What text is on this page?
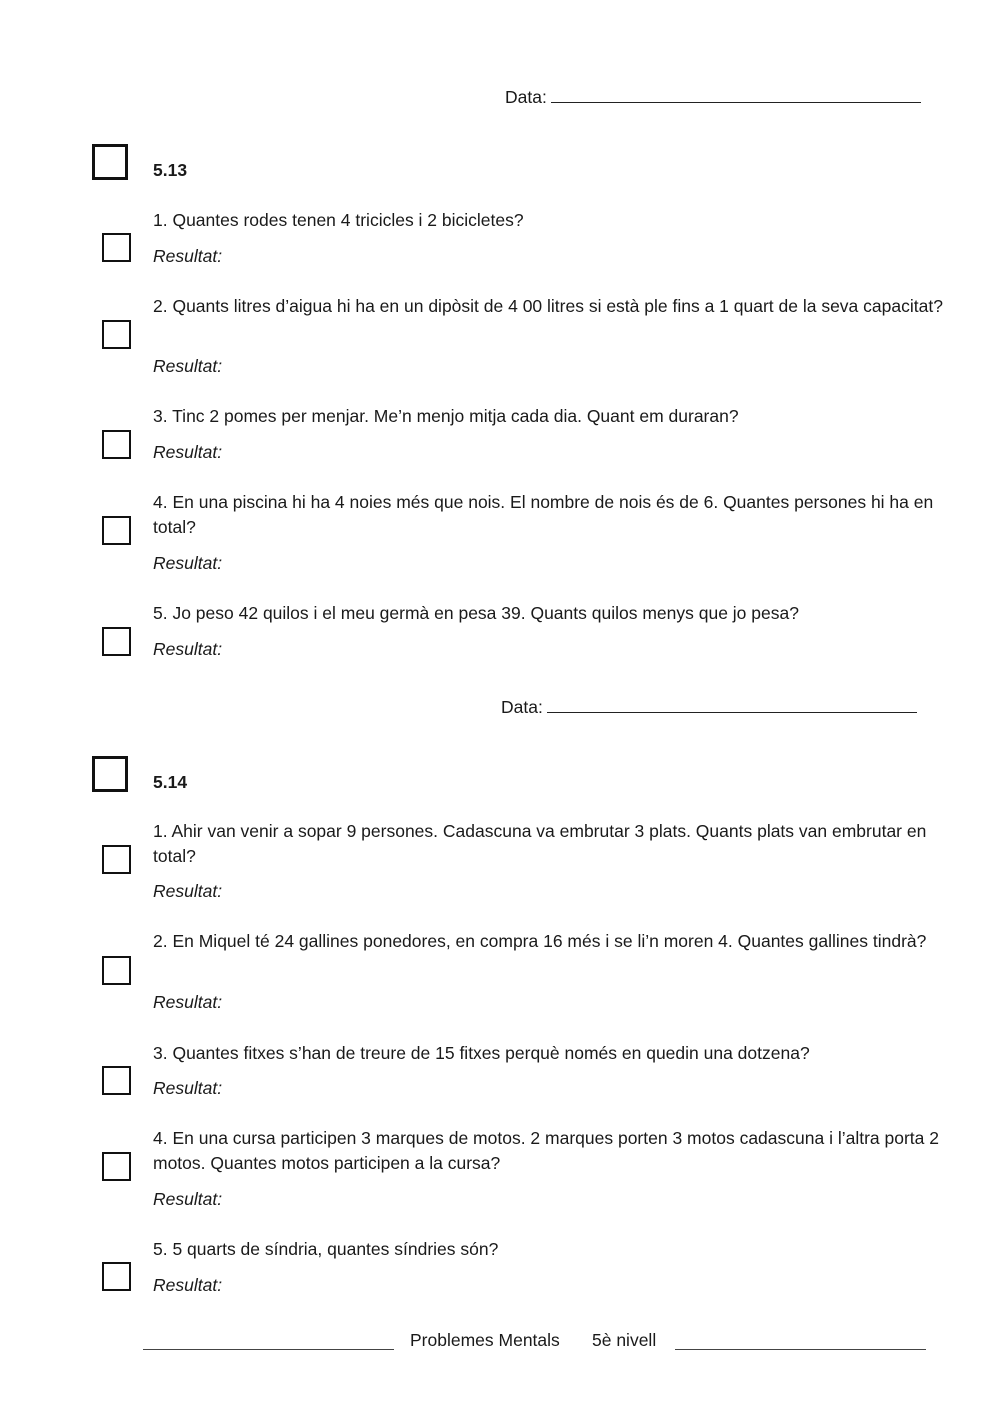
Data:
5.13
1. Quantes rodes tenen 4 tricicles i 2 bicicletes?
Resultat:
2. Quants litres d’aigua hi ha en un dipòsit de 4 00 litres si està ple fins a 1 quart de la seva capacitat?
Resultat:
3. Tinc 2 pomes per menjar. Me’n menjo mitja cada dia. Quant em duraran?
Resultat:
4. En una piscina hi ha 4 noies més que nois. El nombre de nois és de 6. Quantes persones hi ha en total?
Resultat:
5. Jo peso 42 quilos i el meu germà en pesa 39. Quants quilos menys que jo pesa?
Resultat:
Data:
5.14
1. Ahir van venir a sopar 9 persones. Cadascuna va embrutar 3 plats. Quants plats van embrutar en total?
Resultat:
2. En Miquel té 24 gallines ponedores, en compra 16 més i se li’n moren 4. Quantes gallines tindrà?
Resultat:
3. Quantes fitxes s’han de treure de 15 fitxes perquè només en quedin una dotzena?
Resultat:
4. En una cursa participen 3 marques de motos. 2 marques porten 3 motos cadascuna i l’altra porta 2 motos. Quantes motos participen a la cursa?
Resultat:
5. 5 quarts de síndria, quantes síndries són?
Resultat:
Problemes Mentals 5è nivell
